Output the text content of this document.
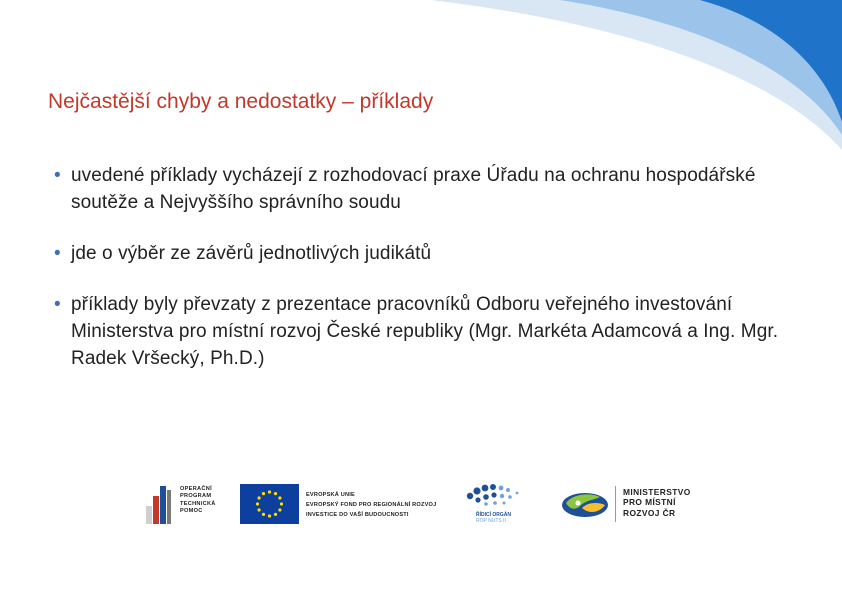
Nejčastější chyby a nedostatky – příklady
• uvedené příklady vycházejí z rozhodovací praxe Úřadu na ochranu hospodářské soutěže a Nejvyššího správního soudu
• jde o výběr ze závěrů jednotlivých judikátů
• příklady byly převzaty z prezentace pracovníků Odboru veřejného investování Ministerstva pro místní rozvoj České republiky (Mgr. Markéta Adamcová a Ing. Mgr. Radek Vršecký, Ph.D.)
OPERAČNÍ
PROGRAM
TECHNICKÁ
POMOC
EVROPSKÁ UNIE
EVROPSKÝ FOND PRO REGIONÁLNÍ ROZVOJ
INVESTICE DO VAŠÍ BUDOUCNOSTI	ŘÍDICÍ ORGÁN
ROP NUTS II
MINISTERSTVO
PRO MÍSTNÍ
ROZVOJ ČR
